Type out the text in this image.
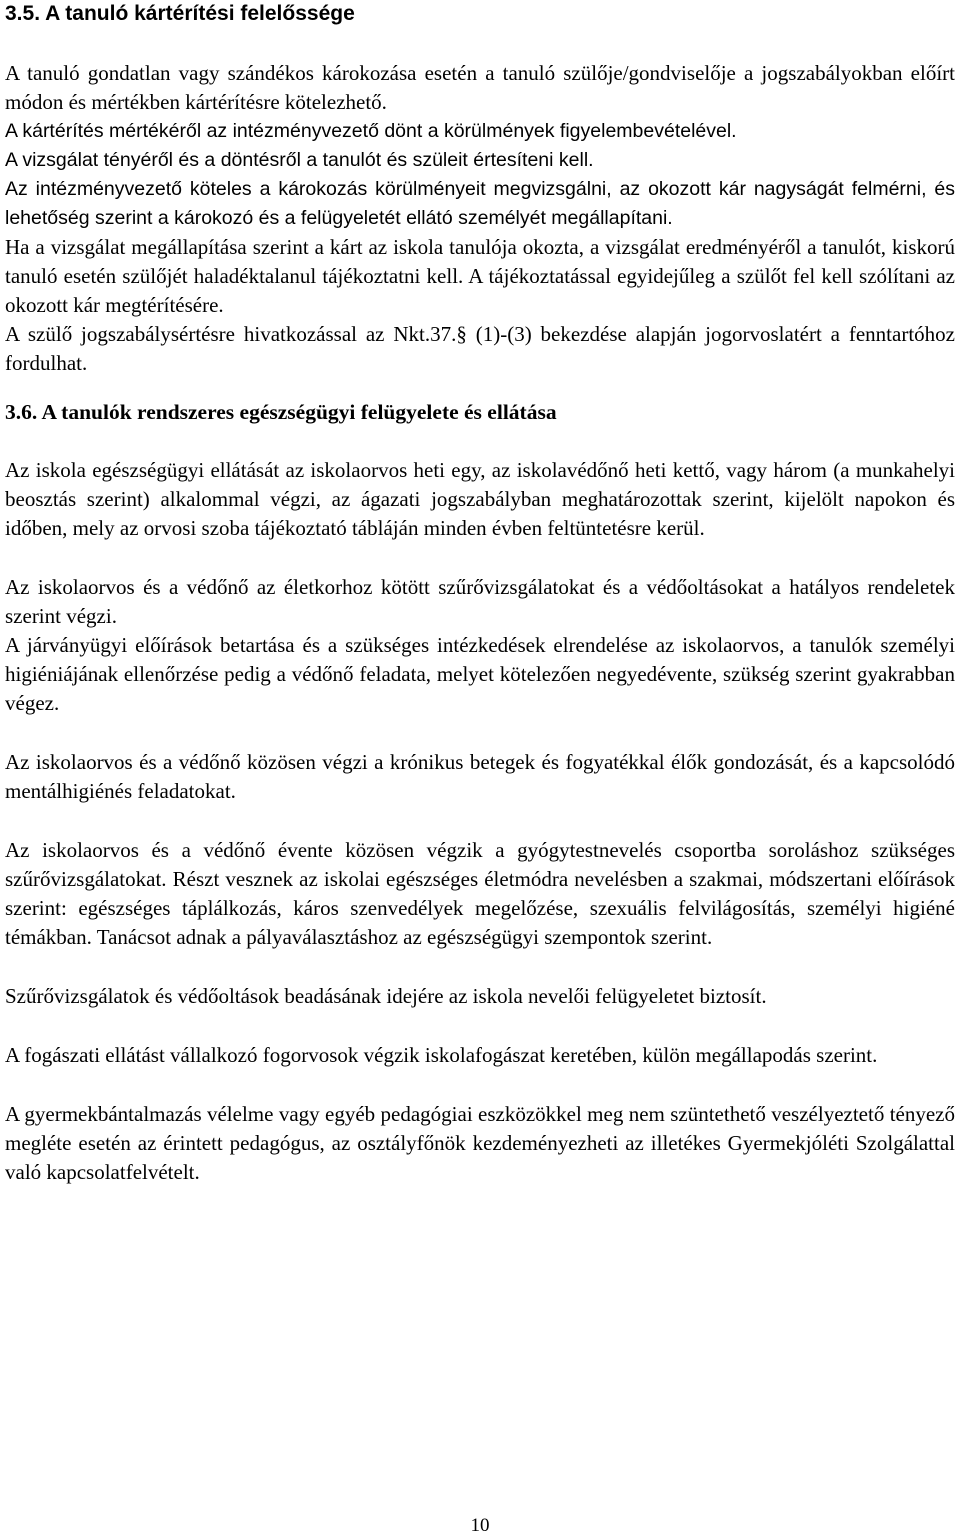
3.5. A tanuló kártérítési felelőssége

A tanuló gondatlan vagy szándékos károkozása esetén a tanuló szülője/gondviselője a jogszabályokban előírt módon és mértékben kártérítésre kötelezhető.

A kártérítés mértékéről az intézményvezető dönt a körülmények figyelembevételével.

A vizsgálat tényéről és a döntésről a tanulót és szüleit értesíteni kell.

Az intézményvezető köteles a károkozás körülményeit megvizsgálni, az okozott kár nagyságát felmérni, és lehetőség szerint a károkozó és a felügyeletét ellátó személyét megállapítani.

Ha a vizsgálat megállapítása szerint a kárt az iskola tanulója okozta, a vizsgálat eredményéről a tanulót, kiskorú tanuló esetén szülőjét haladéktalanul tájékoztatni kell. A tájékoztatással egyidejűleg a szülőt fel kell szólítani az okozott kár megtérítésére.

A szülő jogszabálysértésre hivatkozással az Nkt.37.§ (1)-(3) bekezdése alapján jogorvoslatért a fenntartóhoz fordulhat.

3.6. A tanulók rendszeres egészségügyi felügyelete és ellátása

Az iskola egészségügyi ellátását az iskolaorvos heti egy, az iskolavédőnő heti kettő, vagy három (a munkahelyi beosztás szerint) alkalommal végzi, az ágazati jogszabályban meghatározottak szerint, kijelölt napokon és időben, mely az orvosi szoba tájékoztató tábláján minden évben feltüntetésre kerül.

Az iskolaorvos és a védőnő az életkorhoz kötött szűrővizsgálatokat és a védőoltásokat a hatályos rendeletek szerint végzi.

A járványügyi előírások betartása és a szükséges intézkedések elrendelése az iskolaorvos, a tanulók személyi higiéniájának ellenőrzése pedig a védőnő feladata, melyet kötelezően negyedévente, szükség szerint gyakrabban végez.

Az iskolaorvos és a védőnő közösen végzi a krónikus betegek és fogyatékkal élők gondozását, és a kapcsolódó mentálhigiénés feladatokat.

Az iskolaorvos és a védőnő évente közösen végzik a gyógytestnevelés csoportba soroláshoz szükséges szűrővizsgálatokat. Részt vesznek az iskolai egészséges életmódra nevelésben a szakmai, módszertani előírások szerint: egészséges táplálkozás, káros szenvedélyek megelőzése, szexuális felvilágosítás, személyi higiéné témákban. Tanácsot adnak a pályaválasztáshoz az egészségügyi szempontok szerint.

Szűrővizsgálatok és védőoltások beadásának idejére az iskola nevelői felügyeletet biztosít.

A fogászati ellátást vállalkozó fogorvosok végzik iskolafogászat keretében, külön megállapodás szerint.

A gyermekbántalmazás vélelme vagy egyéb pedagógiai eszközökkel meg nem szüntethető veszélyeztető tényező megléte esetén az érintett pedagógus, az osztályfőnök kezdeményezheti az illetékes Gyermekjóléti Szolgálattal való kapcsolatfelvételt.

10
